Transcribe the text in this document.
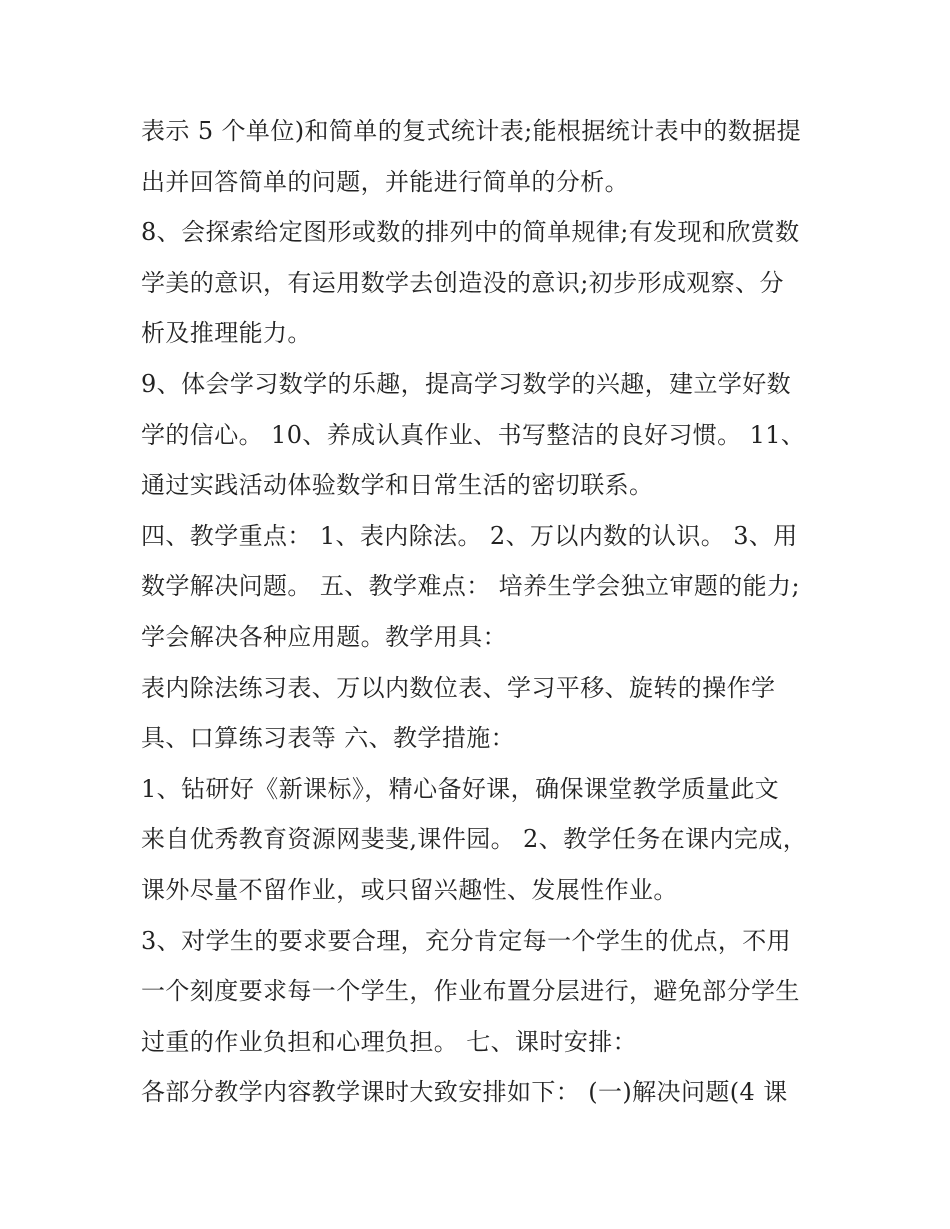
表示 5 个单位)和简单的复式统计表;能根据统计表中的数据提
出并回答简单的问题，并能进行简单的分析。
8、会探索给定图形或数的排列中的简单规律;有发现和欣赏数
学美的意识，有运用数学去创造没的意识;初步形成观察、分
析及推理能力。
9、体会学习数学的乐趣，提高学习数学的兴趣，建立学好数
学的信心。 10、养成认真作业、书写整洁的良好习惯。 11、
通过实践活动体验数学和日常生活的密切联系。
四、教学重点： 1、表内除法。 2、万以内数的认识。 3、用
数学解决问题。 五、教学难点： 培养生学会独立审题的能力;
学会解决各种应用题。教学用具：
表内除法练习表、万以内数位表、学习平移、旋转的操作学
具、口算练习表等 六、教学措施：
1、钻研好《新课标》，精心备好课，确保课堂教学质量此文
来自优秀教育资源网斐斐,课件园。 2、教学任务在课内完成，
课外尽量不留作业，或只留兴趣性、发展性作业。
3、对学生的要求要合理，充分肯定每一个学生的优点，不用
一个刻度要求每一个学生，作业布置分层进行，避免部分学生
过重的作业负担和心理负担。 七、课时安排：
各部分教学内容教学课时大致安排如下： (一)解决问题(4 课
